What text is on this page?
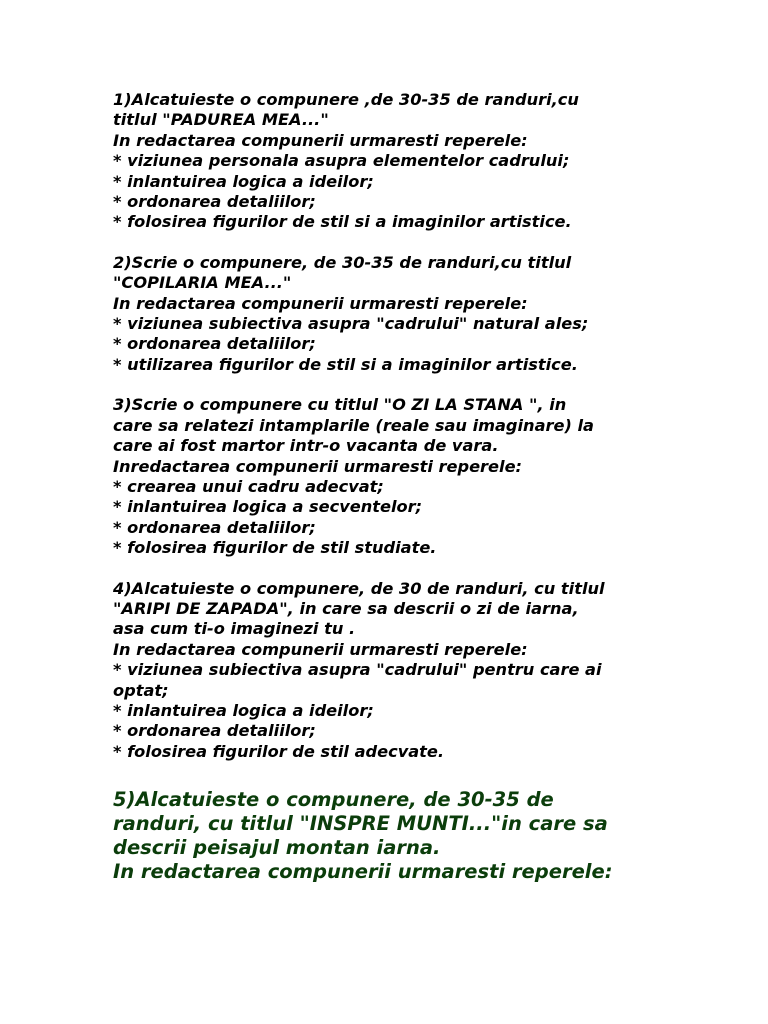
1)Alcatuieste o compunere ,de 30-35 de randuri,cu
titlul "PADUREA MEA..."
In redactarea compunerii urmaresti reperele:
* viziunea personala asupra elementelor cadrului;
* inlantuirea logica a ideilor;
* ordonarea detaliilor;
* folosirea figurilor de stil si a imaginilor artistice.
2)Scrie o compunere, de 30-35 de randuri,cu titlul
"COPILARIA MEA..."
In redactarea compunerii urmaresti reperele:
* viziunea subiectiva asupra "cadrului" natural ales;
* ordonarea detaliilor;
* utilizarea figurilor de stil si a imaginilor artistice.
3)Scrie o compunere cu titlul "O ZI LA STANA ", in
care sa relatezi intamplarile (reale sau imaginare) la
care ai fost martor intr-o vacanta de vara.
Inredactarea compunerii urmaresti reperele:
* crearea unui cadru adecvat;
* inlantuirea logica a secventelor;
* ordonarea detaliilor;
* folosirea figurilor de stil studiate.
4)Alcatuieste o compunere, de 30 de randuri, cu titlul
"ARIPI DE ZAPADA", in care sa descrii o zi de iarna,
asa cum ti-o imaginezi tu .
In redactarea compunerii urmaresti reperele:
* viziunea subiectiva asupra "cadrului" pentru care ai
optat;
* inlantuirea logica a ideilor;
* ordonarea detaliilor;
* folosirea figurilor de stil adecvate.
5)Alcatuieste o compunere, de 30-35 de
randuri, cu titlul "INSPRE MUNTI..."in care sa
descrii peisajul montan iarna.
In redactarea compunerii urmaresti reperele:
